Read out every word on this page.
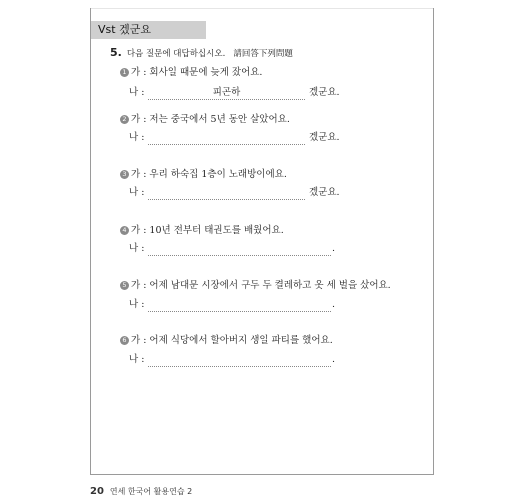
Vst 겠군요
5. 다음 질문에 대답하십시오. 請回答下列問題
1 가 : 회사일 때문에 늦게 잤어요.
나 :	피곤하	겠군요.
2 가 : 저는 중국에서 5년 동안 살았어요.
나 :	겠군요.
3 가 : 우리 하숙집 1층이 노래방이에요.
나 :	겠군요.
4 가 : 10년 전부터 태권도를 배웠어요.
나 :	.
5 가 : 어제 남대문 시장에서 구두 두 켤레하고 옷 세 벌을 샀어요.
나 :	.
6 가 : 어제 식당에서 할아버지 생일 파티를 했어요.
나 :	.
20 연세 한국어 활용연습 2
